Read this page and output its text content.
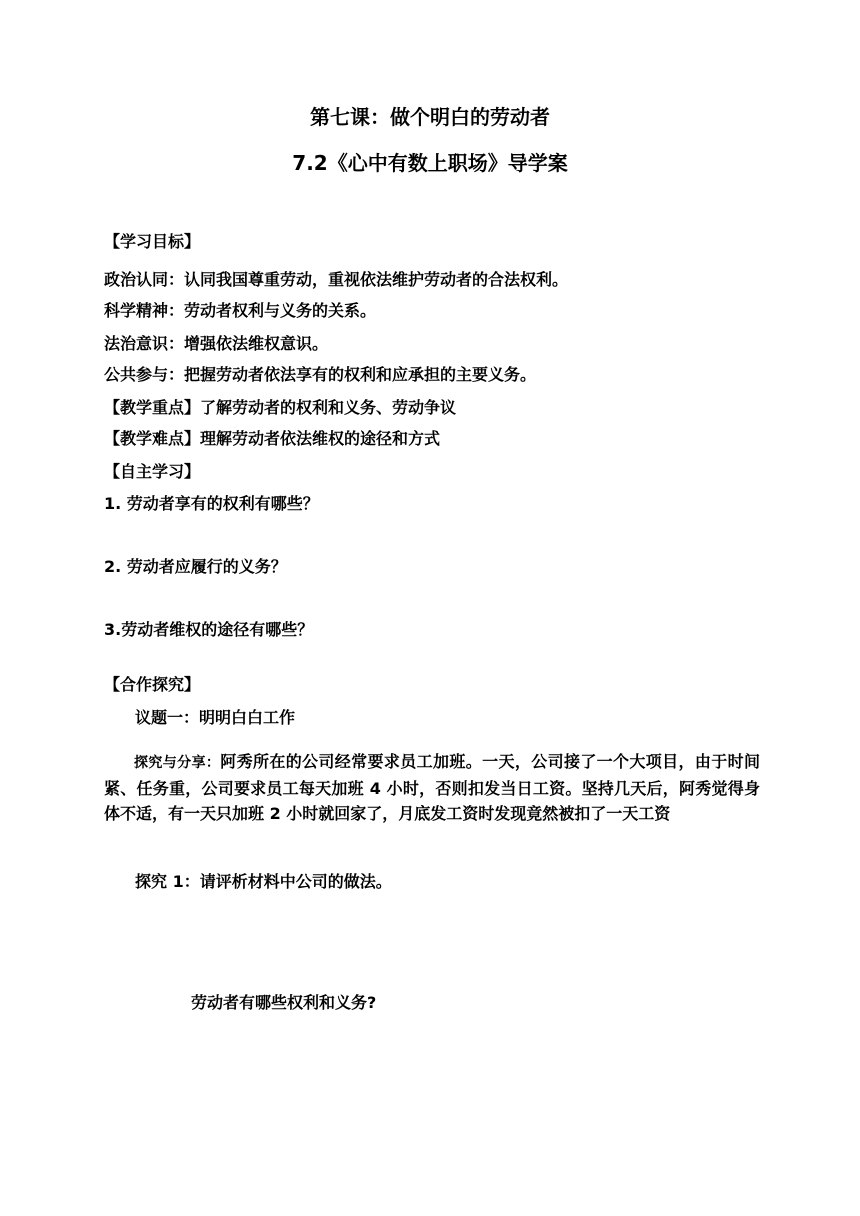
第七课：做个明白的劳动者
7.2《心中有数上职场》导学案
【学习目标】
政治认同：认同我国尊重劳动，重视依法维护劳动者的合法权利。
科学精神：劳动者权利与义务的关系。
法治意识：增强依法维权意识。
公共参与：把握劳动者依法享有的权利和应承担的主要义务。
【教学重点】了解劳动者的权利和义务、劳动争议
【教学难点】理解劳动者依法维权的途径和方式
【自主学习】
1. 劳动者享有的权利有哪些？
2. 劳动者应履行的义务？
3.劳动者维权的途径有哪些？
【合作探究】
议题一：明明白白工作

探究与分享：阿秀所在的公司经常要求员工加班。一天，公司接了一个大项目，由于时间紧、任务重，公司要求员工每天加班 4 小时，否则扣发当日工资。坚持几天后，阿秀觉得身体不适，有一天只加班 2 小时就回家了，月底发工资时发现竟然被扣了一天工资

探究 1：请评析材料中公司的做法。
劳动者有哪些权利和义务?
